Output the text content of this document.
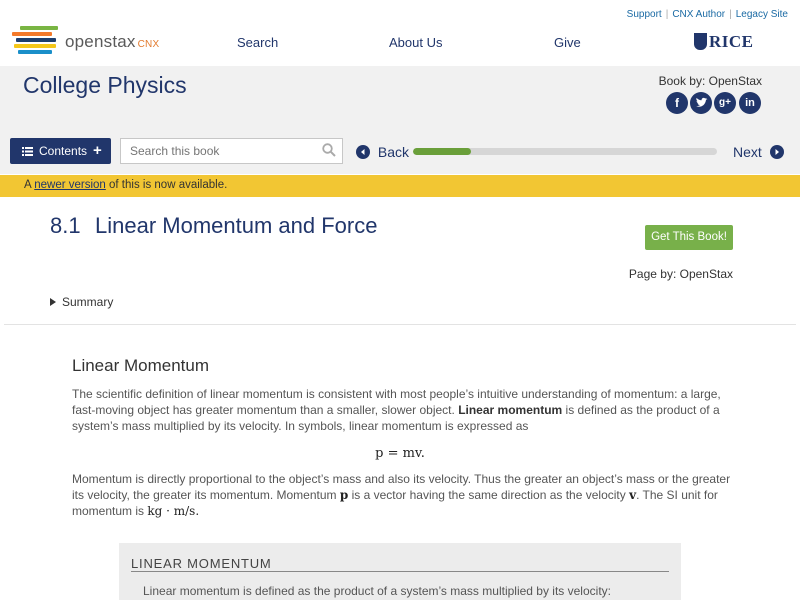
openstax CNX
Support | CNX Author | Legacy Site
Search	About Us	Give	RICE
College Physics	Book by: OpenStax
f	g+	in
Contents +
Search this book	Back	Next
A newer version of this is now available.
8.1 Linear Momentum and Force	Get This Book!
Page by: OpenStax
Summary
Linear Momentum
The scientific definition of linear momentum is consistent with most people’s intuitive understanding of momentum: a large, fast-moving object has greater momentum than a smaller, slower object. Linear momentum is defined as the product of a system’s mass multiplied by its velocity. In symbols, linear momentum is expressed as
p = mv.
Momentum is directly proportional to the object’s mass and also its velocity. Thus the greater an object’s mass or the greater its velocity, the greater its momentum. Momentum p is a vector having the same direction as the velocity v. The SI unit for momentum is kg · m/s.
LINEAR MOMENTUM
Linear momentum is defined as the product of a system’s mass multiplied by its velocity:
